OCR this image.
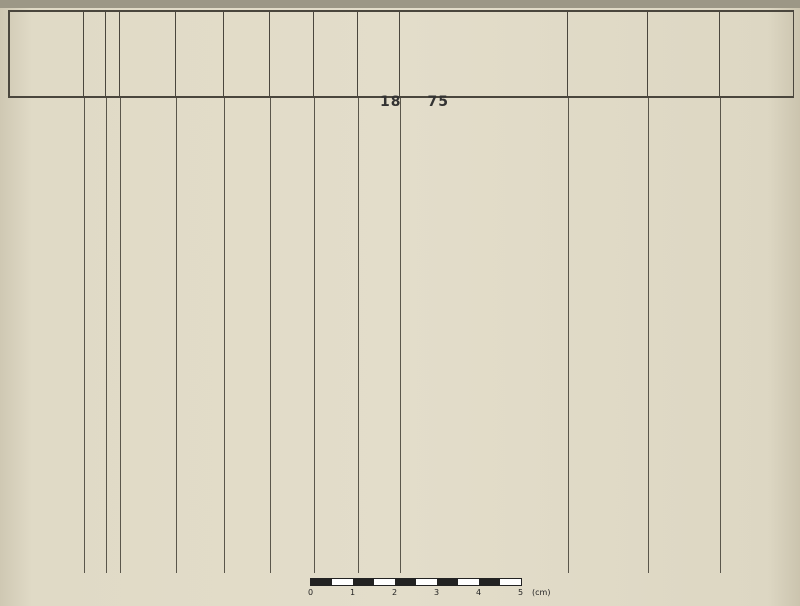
18 75
0	1	2	3	4	5 (cm)
